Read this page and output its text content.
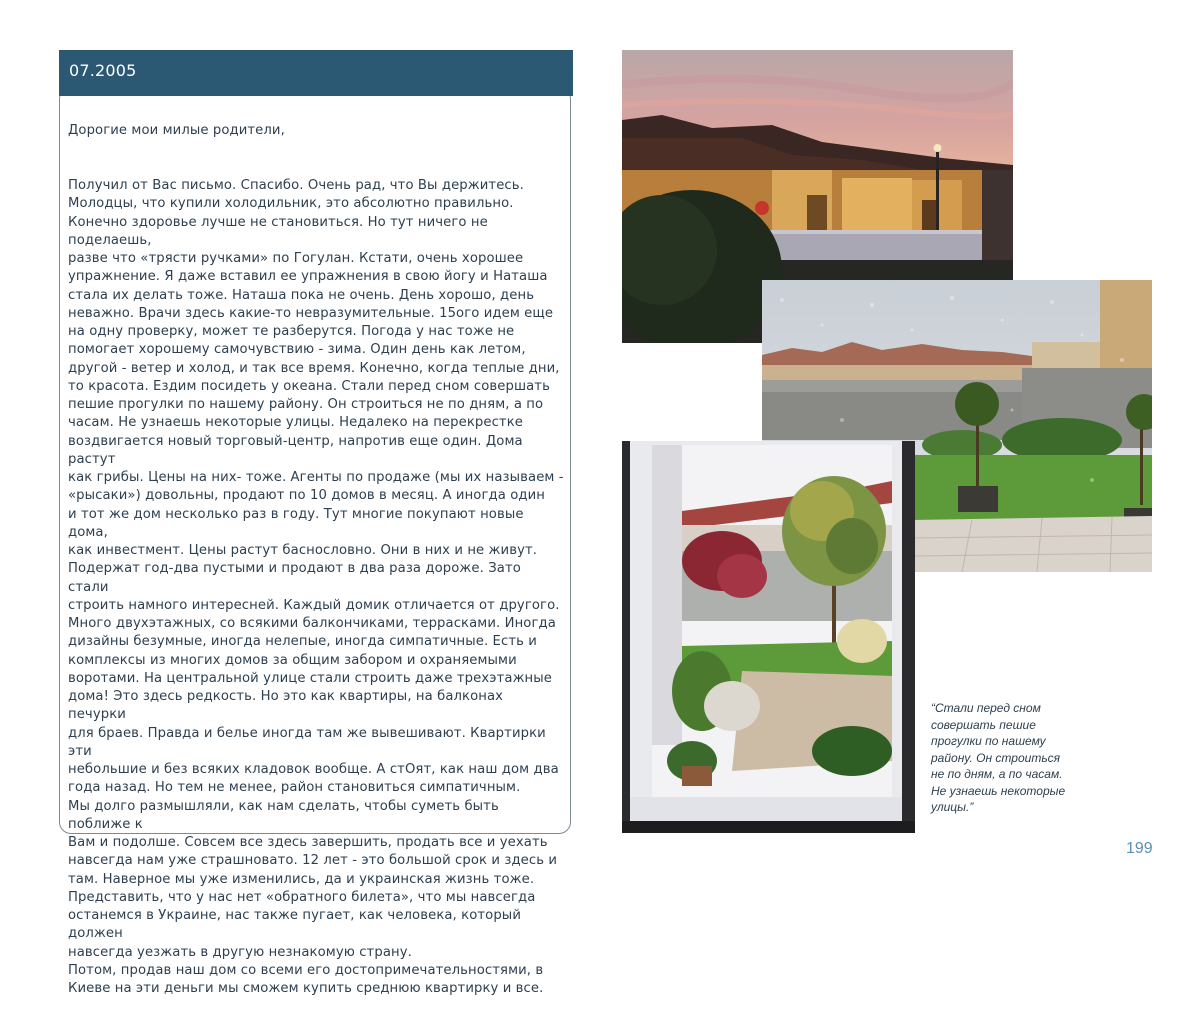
Дорогие мои милые родители,

Получил от Вас письмо. Спасибо. Очень рад, что Вы держитесь.
Молодцы, что купили холодильник, это абсолютно правильно.
Конечно здоровье лучше не становиться. Но тут ничего не поделаешь,
разве что «трясти ручками» по Гогулан. Кстати, очень хорошее
упражнение. Я даже вставил ее упражнения в свою йогу и Наташа
стала их делать тоже. Наташа пока не очень. День хорошо, день
неважно. Врачи здесь какие-то невразумительные. 15ого идем еще
на одну проверку, может те разберутся. Погода у нас тоже не
помогает хорошему самочувствию - зима. Один день как летом,
другой - ветер и холод, и так все время. Конечно, когда теплые дни,
то красота. Ездим посидеть у океана. Стали перед сном совершать
пешие прогулки по нашему району. Он строиться не по дням, а по
часам. Не узнаешь некоторые улицы. Недалеко на перекрестке
воздвигается новый торговый-центр, напротив еще один. Дома растут
как грибы. Цены на них- тоже. Агенты по продаже (мы их называем -
«рысаки») довольны, продают по 10 домов в месяц. А иногда один
и тот же дом несколько раз в году. Тут многие покупают новые дома,
как инвестмент. Цены растут баснословно. Они в них и не живут.
Подержат год-два пустыми и продают в два раза дороже. Зато стали
строить намного интересней. Каждый домик отличается от другого.
Много двухэтажных, со всякими балкончиками, террасками. Иногда
дизайны безумные, иногда нелепые, иногда симпатичные. Есть и
комплексы из многих домов за общим забором и охраняемыми
воротами. На центральной улице стали строить даже трехэтажные
дома! Это здесь редкость. Но это как квартиры, на балконах печурки
для браев. Правда и белье иногда там же вывешивают. Квартирки эти
небольшие и без всяких кладовок вообще. А стОят, как наш дом два
года назад. Но тем не менее, район становиться симпатичным.
Мы долго размышляли, как нам сделать, чтобы суметь быть поближе к
Вам и подолше. Совсем все здесь завершить, продать все и уехать
навсегда нам уже страшновато. 12 лет - это большой срок и здесь и
там. Наверное мы уже изменились, да и украинская жизнь тоже.
Представить, что у нас нет «обратного билета», что мы навсегда
останемся в Украине, нас также пугает, как человека, который должен
навсегда уезжать в другую незнакомую страну.
Потом, продав наш дом со всеми его достопримечательностями, в
Киеве на эти деньги мы сможем купить среднюю квартирку и все.

07.2005
“Стали перед сном
совершать пешие
прогулки по нашему
району. Он строиться
не по дням, а по часам.
Не узнаешь некоторые
улицы.”
199
